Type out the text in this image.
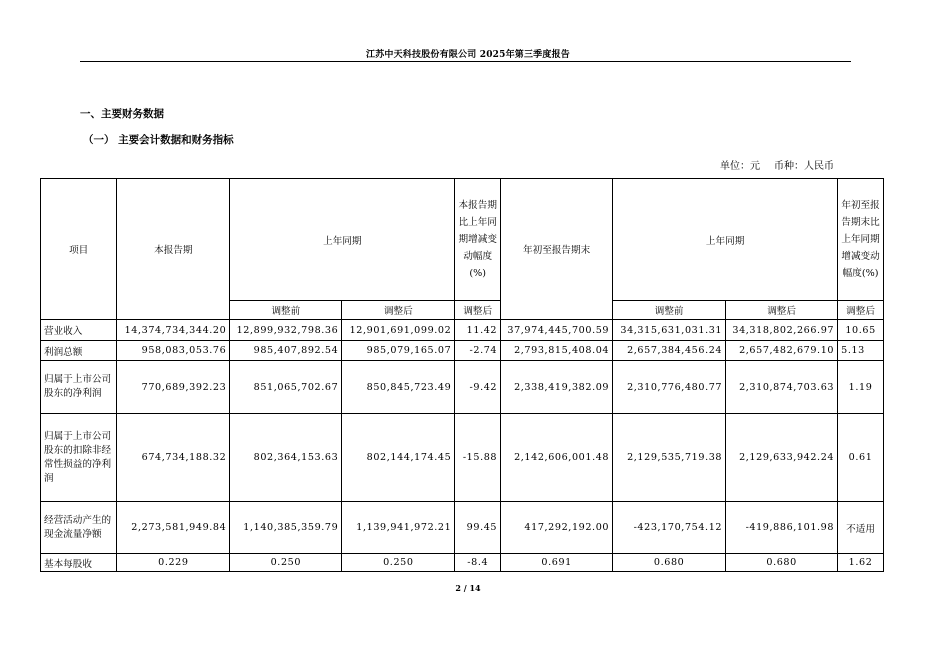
江苏中天科技股份有限公司 2025年第三季度报告
一、主要财务数据
（一） 主要会计数据和财务指标
单位：元 币种：人民币
项目	本报告期	上年同期		本报告期比上年同期增减变动幅度(%)	年初至报告期末	上年同期		年初至报告期末比上年同期增减变动幅度(%)
		调整前	调整后	调整后		调整前	调整后	调整后
营业收入	14,374,734,344.20	12,899,932,798.36	12,901,691,099.02	11.42	37,974,445,700.59	34,315,631,031.31	34,318,802,266.97	10.65
利润总额	958,083,053.76	985,407,892.54	985,079,165.07	-2.74	2,793,815,408.04	2,657,384,456.24	2,657,482,679.10	5.13
归属于上市公司股东的净利润	770,689,392.23	851,065,702.67	850,845,723.49	-9.42	2,338,419,382.09	2,310,776,480.77	2,310,874,703.63	1.19
归属于上市公司股东的扣除非经常性损益的净利润	674,734,188.32	802,364,153.63	802,144,174.45	-15.88	2,142,606,001.48	2,129,535,719.38	2,129,633,942.24	0.61
经营活动产生的现金流量净额	2,273,581,949.84	1,140,385,359.79	1,139,941,972.21	99.45	417,292,192.00	-423,170,754.12	-419,886,101.98	不适用
基本每股收	0.229	0.250	0.250	-8.4	0.691	0.680	0.680	1.62
2 / 14
